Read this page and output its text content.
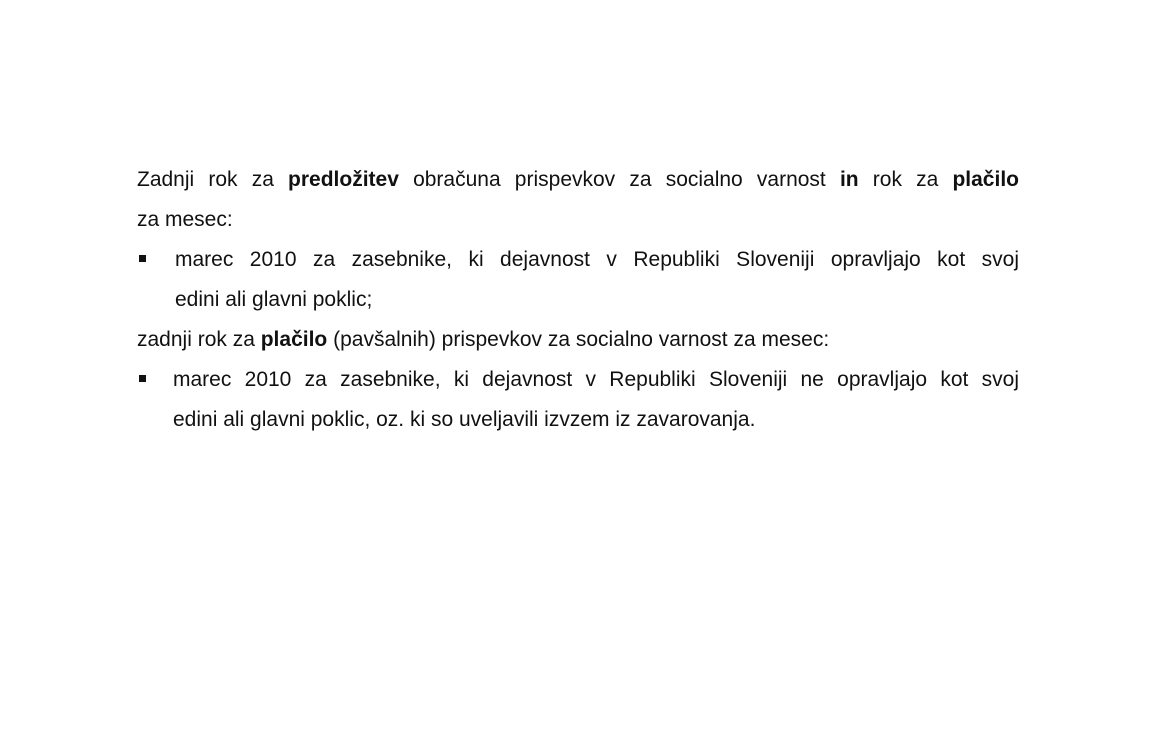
Zadnji rok za predložitev obračuna prispevkov za socialno varnost in rok za plačilo
za mesec:

marec 2010 za zasebnike, ki dejavnost v Republiki Sloveniji opravljajo kot svoj
edini ali glavni poklic;

zadnji rok za plačilo (pavšalnih) prispevkov za socialno varnost za mesec:

marec 2010 za zasebnike, ki dejavnost v Republiki Sloveniji ne opravljajo kot svoj
edini ali glavni poklic, oz. ki so uveljavili izvzem iz zavarovanja.
